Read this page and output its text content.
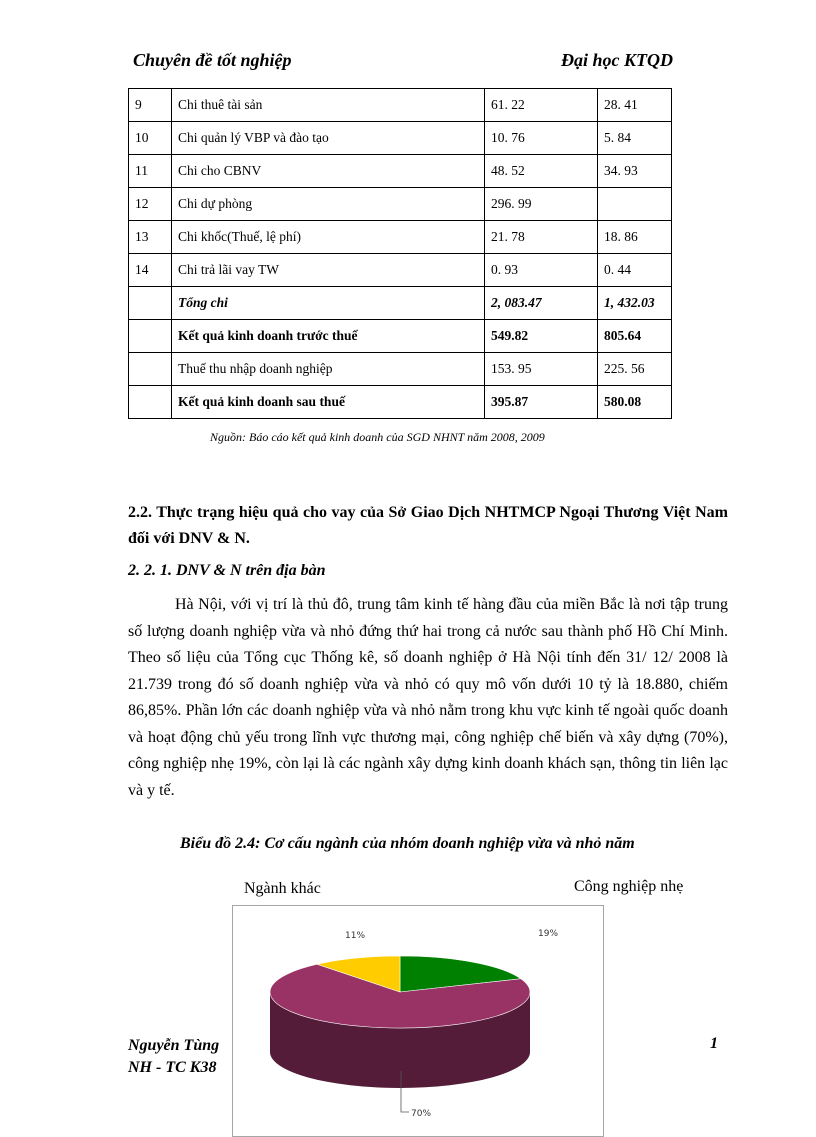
Chuyên đề tốt nghiệp	Đại học KTQD
9	Chi thuê tài sản	61. 22	28. 41
10	Chi quản lý VBP và đào tạo	10. 76	5. 84
11	Chi cho CBNV	48. 52	34. 93
12	Chi dự phòng	296. 99	
13	Chi khốc(Thuế, lệ phí)	21. 78	18. 86
14	Chi trả lãi vay TW	0. 93	0. 44
	Tổng chi	2, 083.47	1, 432.03
	Kết quả kinh doanh trước thuế	549.82	805.64
	Thuế thu nhập doanh nghiệp	153. 95	225. 56
	Kết quả kinh doanh sau thuế	395.87	580.08
Nguồn: Báo cáo kết quả kinh doanh của SGD NHNT năm 2008, 2009
2.2. Thực trạng hiệu quả cho vay của Sở Giao Dịch NHTMCP Ngoại Thương Việt Nam đối với DNV & N.
2. 2. 1. DNV & N trên địa bàn

Hà Nội, với vị trí là thủ đô, trung tâm kinh tế hàng đầu của miền Bắc là nơi tập trung số lượng doanh nghiệp vừa và nhỏ đứng thứ hai trong cả nước sau thành phố Hồ Chí Minh. Theo số liệu của Tổng cục Thống kê, số doanh nghiệp ở Hà Nội tính đến 31/ 12/ 2008 là 21.739 trong đó số doanh nghiệp vừa và nhỏ có quy mô vốn dưới 10 tỷ là 18.880, chiếm 86,85%. Phần lớn các doanh nghiệp vừa và nhỏ nằm trong khu vực kinh tế ngoài quốc doanh và hoạt động chủ yếu trong lĩnh vực thương mại, công nghiệp chế biến và xây dựng (70%), công nghiệp nhẹ 19%, còn lại là các ngành xây dựng kinh doanh khách sạn, thông tin liên lạc và y tế.

Biểu đồ 2.4: Cơ cấu ngành của nhóm doanh nghiệp vừa và nhỏ năm
Ngành khác	Công nghiệp nhẹ
19%
70%
11%
Nguyễn Tùng
NH - TC K38
1
